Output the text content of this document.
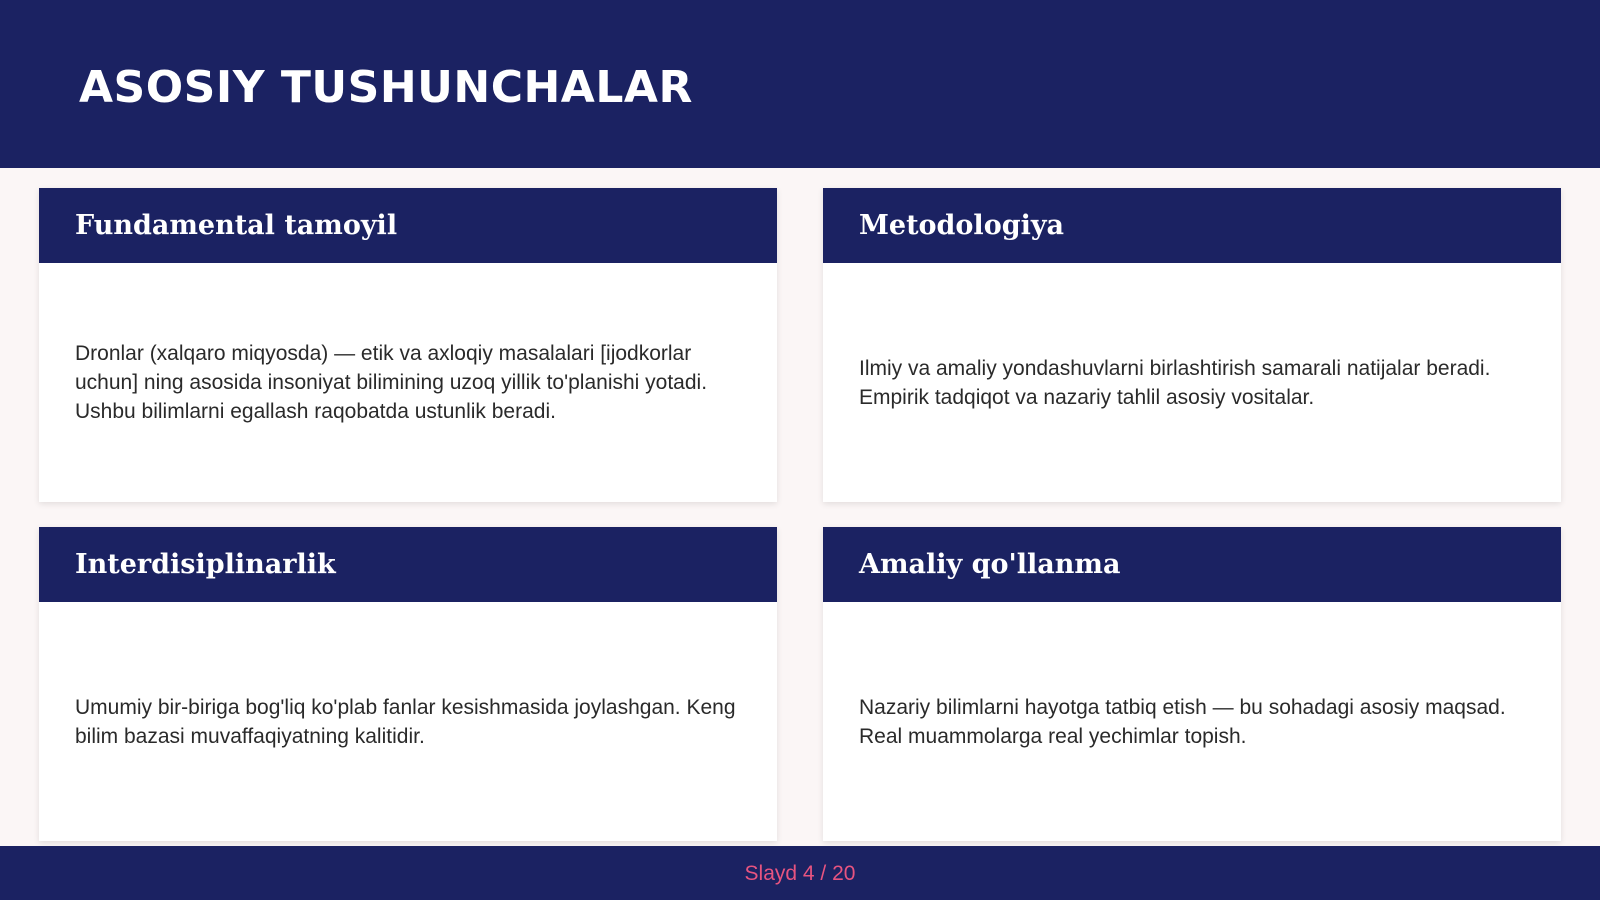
ASOSIY TUSHUNCHALAR
Fundamental tamoyil

Dronlar (xalqaro miqyosda) — etik va axloqiy masalalari [ijodkorlar uchun] ning asosida insoniyat bilimining uzoq yillik to'planishi yotadi. Ushbu bilimlarni egallash raqobatda ustunlik beradi.

Metodologiya

Ilmiy va amaliy yondashuvlarni birlashtirish samarali natijalar beradi. Empirik tadqiqot va nazariy tahlil asosiy vositalar.

Interdisiplinarlik

Umumiy bir-biriga bog'liq ko'plab fanlar kesishmasida joylashgan. Keng bilim bazasi muvaffaqiyatning kalitidir.

Amaliy qo'llanma

Nazariy bilimlarni hayotga tatbiq etish — bu sohadagi asosiy maqsad. Real muammolarga real yechimlar topish.

Slayd 4 / 20
